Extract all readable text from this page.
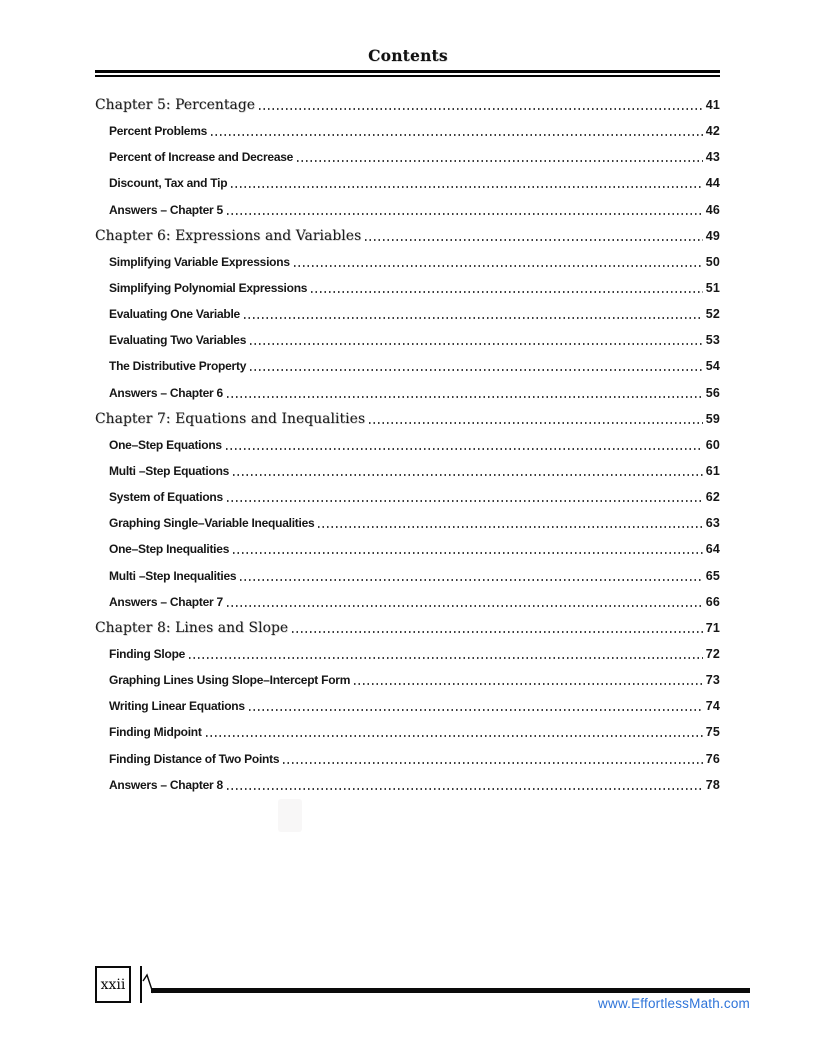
Contents
Chapter 5: Percentage	41
Percent Problems	42
Percent of Increase and Decrease	43
Discount, Tax and Tip	44
Answers – Chapter 5	46
Chapter 6: Expressions and Variables	49
Simplifying Variable Expressions	50
Simplifying Polynomial Expressions	51
Evaluating One Variable	52
Evaluating Two Variables	53
The Distributive Property	54
Answers – Chapter 6	56
Chapter 7: Equations and Inequalities	59
One–Step Equations	60
Multi –Step Equations	61
System of Equations	62
Graphing Single–Variable Inequalities	63
One–Step Inequalities	64
Multi –Step Inequalities	65
Answers – Chapter 7	66
Chapter 8: Lines and Slope	71
Finding Slope	72
Graphing Lines Using Slope–Intercept Form	73
Writing Linear Equations	74
Finding Midpoint	75
Finding Distance of Two Points	76
Answers – Chapter 8	78
xxii
www.EffortlessMath.com
